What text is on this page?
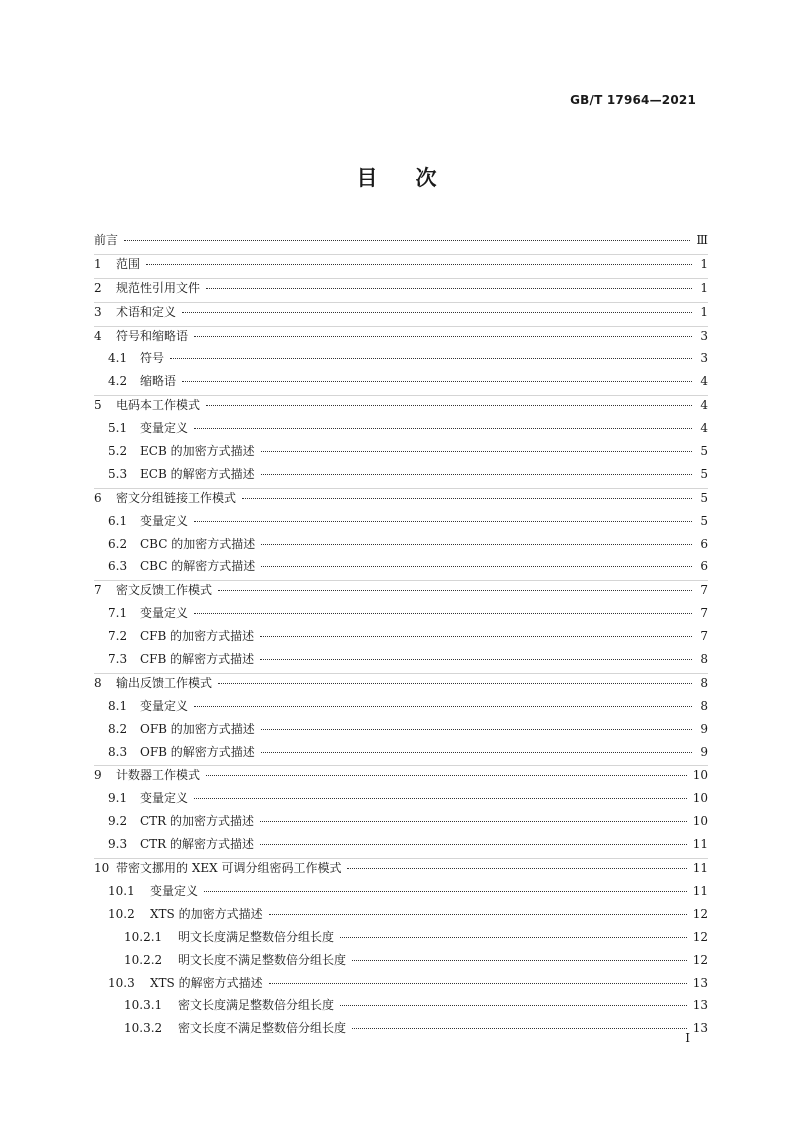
GB/T 17964—2021
目次
前言	Ⅲ
1	范围	1
2	规范性引用文件	1
3	术语和定义	1
4	符号和缩略语	3
4.1	符号	3
4.2	缩略语	4
5	电码本工作模式	4
5.1	变量定义	4
5.2	ECB 的加密方式描述	5
5.3	ECB 的解密方式描述	5
6	密文分组链接工作模式	5
6.1	变量定义	5
6.2	CBC 的加密方式描述	6
6.3	CBC 的解密方式描述	6
7	密文反馈工作模式	7
7.1	变量定义	7
7.2	CFB 的加密方式描述	7
7.3	CFB 的解密方式描述	8
8	输出反馈工作模式	8
8.1	变量定义	8
8.2	OFB 的加密方式描述	9
8.3	OFB 的解密方式描述	9
9	计数器工作模式	10
9.1	变量定义	10
9.2	CTR 的加密方式描述	10
9.3	CTR 的解密方式描述	11
10 带密文挪用的 XEX 可调分组密码工作模式	11
10.1	变量定义	11
10.2	XTS 的加密方式描述	12
10.2.1	明文长度满足整数倍分组长度	12
10.2.2	明文长度不满足整数倍分组长度	12
10.3	XTS 的解密方式描述	13
10.3.1	密文长度满足整数倍分组长度	13
10.3.2	密文长度不满足整数倍分组长度	13
I
